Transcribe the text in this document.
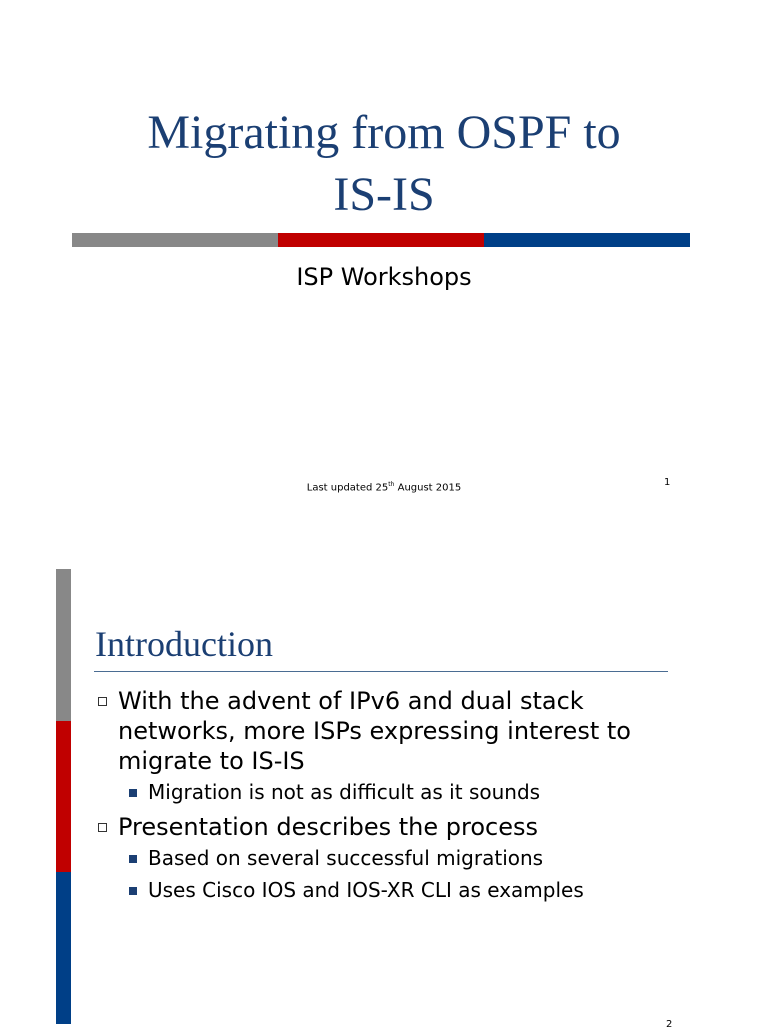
Migrating from OSPF to
IS-IS
ISP Workshops
Last updated 25th August 2015	1
Introduction
With the advent of IPv6 and dual stack networks, more ISPs expressing interest to migrate to IS-IS
Migration is not as difficult as it sounds
Presentation describes the process
Based on several successful migrations
Uses Cisco IOS and IOS-XR CLI as examples
2
